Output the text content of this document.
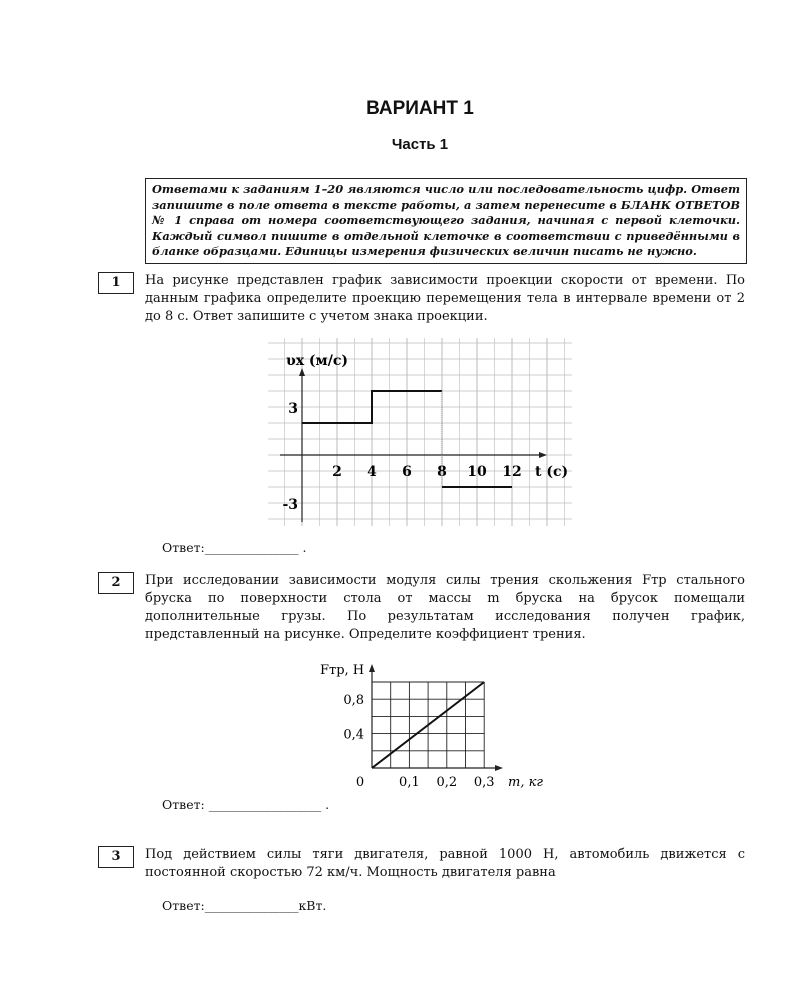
ВАРИАНТ 1
Часть 1
Ответами к заданиям 1–20 являются число или последовательность цифр. Ответ запишите в поле ответа в тексте работы, а затем перенесите в БЛАНК ОТВЕТОВ № 1 справа от номера соответствующего задания, начиная с первой клеточки. Каждый символ пишите в отдельной клеточке в соответствии с приведёнными в бланке образцами. Единицы измерения физических величин писать не нужно.
1	На рисунке представлен график зависимости проекции скорости от времени. По данным графика определите проекцию перемещения тела в интервале времени от 2 до 8 с. Ответ запишите с учетом знака проекции.
2 4 6 8 10 12
3
-3
t (c)
υx (м/с)
Ответ:_______________ .
2	При исследовании зависимости модуля силы трения скольжения Fтр стального бруска по поверхности стола от массы m бруска на брусок помещали дополнительные грузы. По результатам исследования получен график, представленный на рисунке. Определите коэффициент трения.
0	0,1 0,2 0,3
0,4
0,8
m, кг
Fтр, Н
Ответ: __________________ .
3	Под действием силы тяги двигателя, равной 1000 Н, автомобиль движется с постоянной скоростью 72 км/ч. Мощность двигателя равна
Ответ:_______________кВт.
